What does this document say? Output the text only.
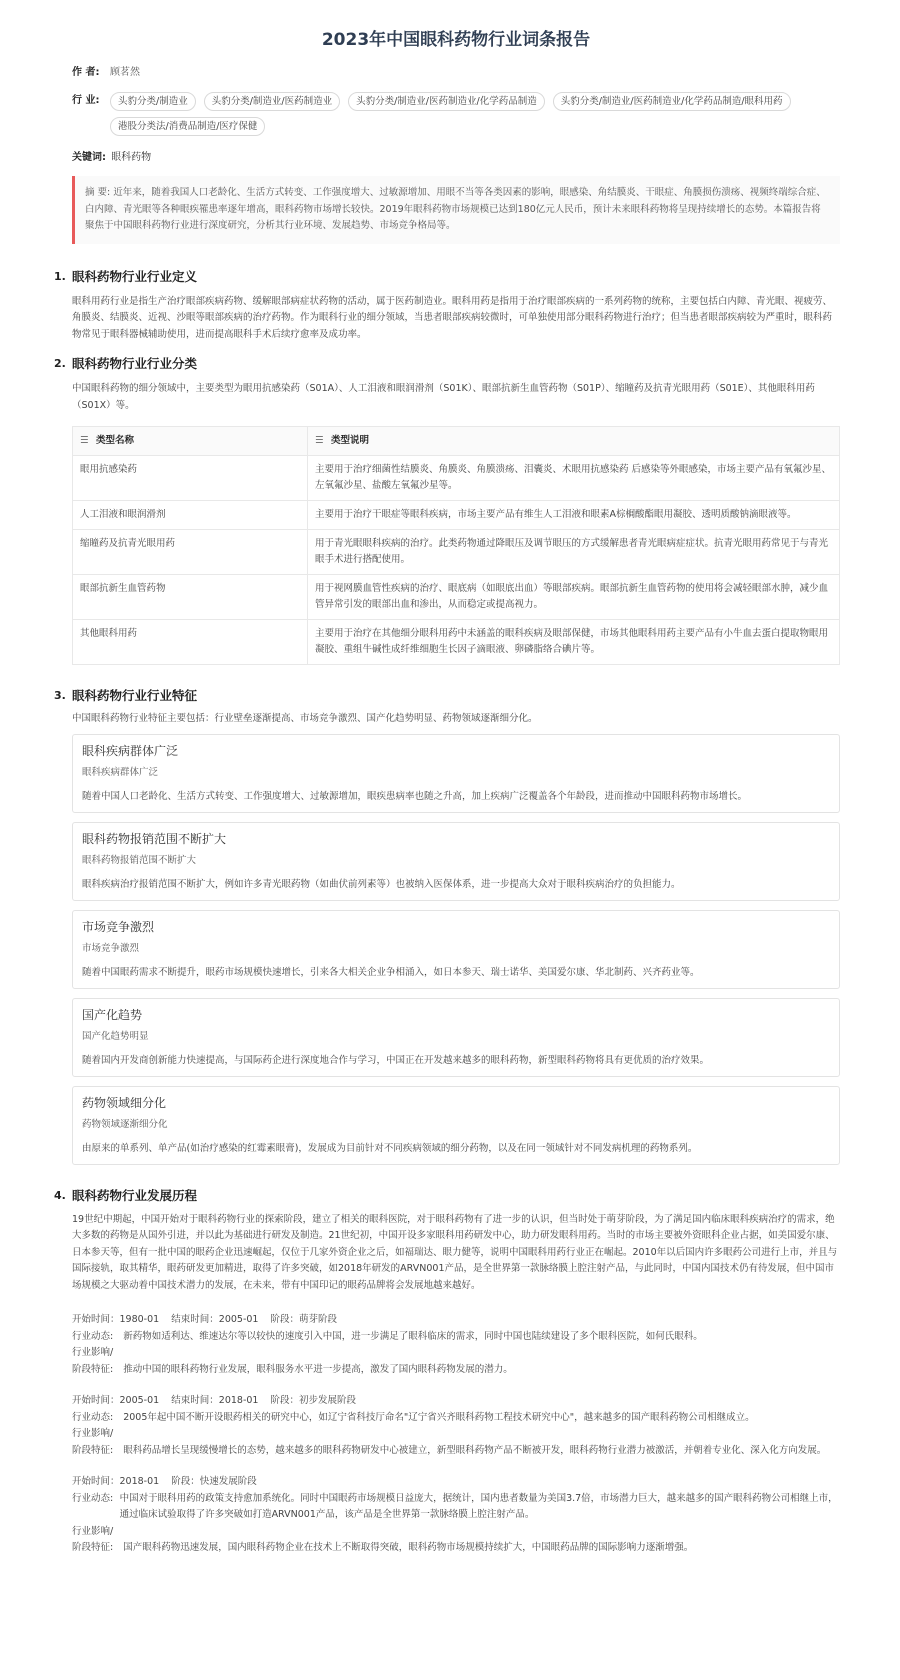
2023年中国眼科药物行业词条报告
作 者:	顾茗然
行 业:	头豹分类/制造业	头豹分类/制造业/医药制造业	头豹分类/制造业/医药制造业/化学药品制造	头豹分类/制造业/医药制造业/化学药品制造/眼科用药
港股分类法/消费品制造/医疗保健
关键词: 眼科药物
摘 要: 近年来，随着我国人口老龄化、生活方式转变、工作强度增大、过敏源增加、用眼不当等各类因素的影响，眼感染、角结膜炎、干眼症、角膜损伤溃疡、视频终端综合症、白内障、青光眼等各种眼疾罹患率逐年增高，眼科药物市场增长较快。2019年眼科药物市场规模已达到180亿元人民币，预计未来眼科药物将呈现持续增长的态势。本篇报告将聚焦于中国眼科药物行业进行深度研究，分析其行业环境、发展趋势、市场竞争格局等。
1. 眼科药物行业行业定义
眼科用药行业是指生产治疗眼部疾病药物、缓解眼部病症状药物的活动，属于医药制造业。眼科用药是指用于治疗眼部疾病的一系列药物的统称，主要包括白内障、青光眼、视疲劳、角膜炎、结膜炎、近视、沙眼等眼部疾病的治疗药物。作为眼科行业的细分领域，当患者眼部疾病较微时，可单独使用部分眼科药物进行治疗；但当患者眼部疾病较为严重时，眼科药物常见于眼科器械辅助使用，进而提高眼科手术后续疗愈率及成功率。
2. 眼科药物行业行业分类
中国眼科药物的细分领域中，主要类型为眼用抗感染药（S01A）、人工泪液和眼润滑剂（S01K）、眼部抗新生血管药物（S01P）、缩瞳药及抗青光眼用药（S01E）、其他眼科用药（S01X）等。
☰ 类型名称	☰ 类型说明
眼用抗感染药	主要用于治疗细菌性结膜炎、角膜炎、角膜溃疡、泪囊炎、术眼用抗感染药 后感染等外眼感染，市场主要产品有氧氟沙星、左氧氟沙星、盐酸左氧氟沙星等。
人工泪液和眼润滑剂	主要用于治疗干眼症等眼科疾病，市场主要产品有维生人工泪液和眼素A棕榈酸酯眼用凝胶、透明质酸钠滴眼液等。
缩瞳药及抗青光眼用药	用于青光眼眼科疾病的治疗。此类药物通过降眼压及调节眼压的方式缓解患者青光眼病症症状。抗青光眼用药常见于与青光眼手术进行搭配使用。
眼部抗新生血管药物	用于视网膜血管性疾病的治疗、眼底病（如眼底出血）等眼部疾病。眼部抗新生血管药物的使用将会减轻眼部水肿，减少血管异常引发的眼部出血和渗出，从而稳定或提高视力。
其他眼科用药	主要用于治疗在其他细分眼科用药中未涵盖的眼科疾病及眼部保健，市场其他眼科用药主要产品有小牛血去蛋白提取物眼用凝胶、重组牛碱性成纤维细胞生长因子滴眼液、卵磷脂络合碘片等。
3. 眼科药物行业行业特征
中国眼科药物行业特征主要包括：行业壁垒逐渐提高、市场竞争激烈、国产化趋势明显、药物领域逐渐细分化。
眼科疾病群体广泛
眼科疾病群体广泛
随着中国人口老龄化、生活方式转变、工作强度增大、过敏源增加，眼疾患病率也随之升高，加上疾病广泛覆盖各个年龄段，进而推动中国眼科药物市场增长。
眼科药物报销范围不断扩大
眼科药物报销范围不断扩大
眼科疾病治疗报销范围不断扩大，例如许多青光眼药物（如曲伏前列素等）也被纳入医保体系，进一步提高大众对于眼科疾病治疗的负担能力。
市场竞争激烈
市场竞争激烈
随着中国眼药需求不断提升，眼药市场规模快速增长，引来各大相关企业争相涌入，如日本参天、瑞士诺华、美国爱尔康、华北制药、兴齐药业等。
国产化趋势
国产化趋势明显
随着国内开发商创新能力快速提高，与国际药企进行深度地合作与学习，中国正在开发越来越多的眼科药物，新型眼科药物将具有更优质的治疗效果。
药物领域细分化
药物领域逐渐细分化
由原来的单系列、单产品(如治疗感染的红霉素眼膏)，发展成为目前针对不同疾病领域的细分药物，以及在同一领域针对不同发病机理的药物系列。
4. 眼科药物行业发展历程
19世纪中期起，中国开始对于眼科药物行业的探索阶段，建立了相关的眼科医院，对于眼科药物有了进一步的认识，但当时处于萌芽阶段，为了满足国内临床眼科疾病治疗的需求，绝大多数的药物是从国外引进，并以此为基础进行研发及制造。21世纪初，中国开设多家眼科用药研发中心，助力研发眼科用药。当时的市场主要被外资眼科企业占据，如美国爱尔康、日本参天等，但有一批中国的眼药企业迅速崛起，仅位于几家外资企业之后，如福瑞达、眼力健等，说明中国眼科用药行业正在崛起。2010年以后国内许多眼药公司进行上市，并且与国际接轨，取其精华，眼药研发更加精进，取得了许多突破，如2018年研发的ARVN001产品，是全世界第一款脉络膜上腔注射产品，与此同时，中国内国技术仍有待发展，但中国市场规模之大驱动着中国技术潜力的发展，在未来，带有中国印记的眼药品牌将会发展地越来越好。
开始时间：1980-01    结束时间：2005-01    阶段：萌芽阶段
行业动态: 新药物如适利达、维速达尔等以较快的速度引入中国，进一步满足了眼科临床的需求，同时中国也陆续建设了多个眼科医院，如何氏眼科。
行业影响/
阶段特征: 推动中国的眼科药物行业发展，眼科服务水平进一步提高，激发了国内眼科药物发展的潜力。
开始时间：2005-01    结束时间：2018-01    阶段：初步发展阶段
行业动态: 2005年起中国不断开设眼药相关的研究中心，如辽宁省科技厅命名"辽宁省兴齐眼科药物工程技术研究中心"，越来越多的国产眼科药物公司相继成立。
行业影响/
阶段特征: 眼科药品增长呈现缓慢增长的态势，越来越多的眼科药物研发中心被建立，新型眼科药物产品不断被开发，眼科药物行业潜力被激活，并朝着专业化、深入化方向发展。
开始时间：2018-01    阶段：快速发展阶段
行业动态: 中国对于眼科用药的政策支持愈加系统化。同时中国眼药市场规模日益庞大，据统计，国内患者数量为美国3.7倍，市场潜力巨大，越来越多的国产眼科药物公司相继上市，通过临床试验取得了许多突破如打造ARVN001产品，该产品是全世界第一款脉络膜上腔注射产品。
行业影响/
阶段特征: 国产眼科药物迅速发展，国内眼科药物企业在技术上不断取得突破，眼科药物市场规模持续扩大，中国眼药品牌的国际影响力逐渐增强。
